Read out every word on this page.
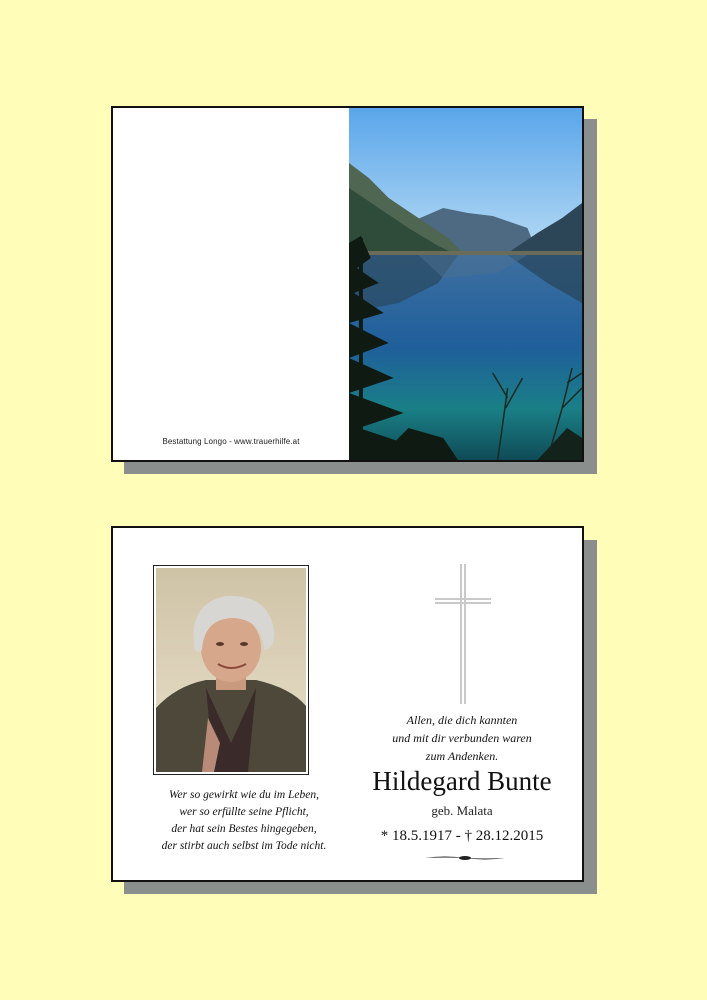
Bestattung Longo - www.trauerhilfe.at
Wer so gewirkt wie du im Leben,
wer so erfüllte seine Pflicht,
der hat sein Bestes hingegeben,
der stirbt auch selbst im Tode nicht.
Allen, die dich kannten
und mit dir verbunden waren
zum Andenken.
Hildegard Bunte
geb. Malata
* 18.5.1917 - † 28.12.2015
